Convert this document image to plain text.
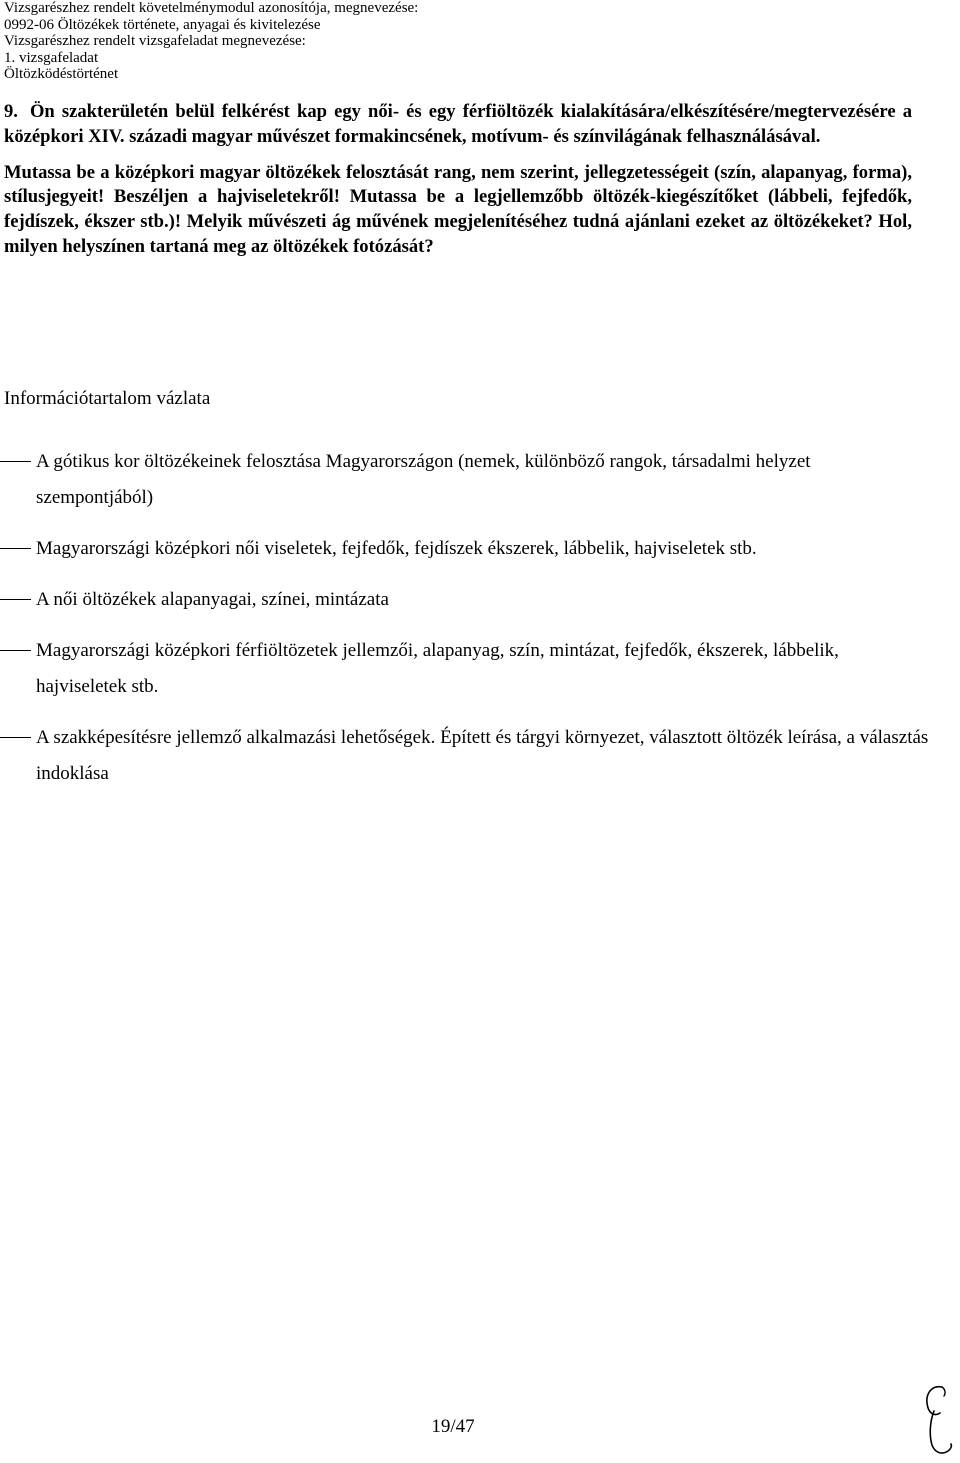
Vizsgarészhez rendelt követelménymodul azonosítója, megnevezése:
0992-06 Öltözékek története, anyagai és kivitelezése
Vizsgarészhez rendelt vizsgafeladat megnevezése:
1. vizsgafeladat
Öltözködéstörténet

9. Ön szakterületén belül felkérést kap egy női- és egy férfiöltözék kialakítására/elkészítésére/megtervezésére a középkori XIV. századi magyar művészet formakincsének, motívum- és színvilágának felhasználásával.

Mutassa be a középkori magyar öltözékek felosztását rang, nem szerint, jellegzetességeit (szín, alapanyag, forma), stílusjegyeit! Beszéljen a hajviseletekről! Mutassa be a legjellemzőbb öltözék-kiegészítőket (lábbeli, fejfedők, fejdíszek, ékszer stb.)! Melyik művészeti ág művének megjelenítéséhez tudná ajánlani ezeket az öltözékeket? Hol, milyen helyszínen tartaná meg az öltözékek fotózását?

Információtartalom vázlata
A gótikus kor öltözékeinek felosztása Magyarországon (nemek, különböző rangok, társadalmi helyzet szempontjából)
Magyarországi középkori női viseletek, fejfedők, fejdíszek ékszerek, lábbelik, hajviseletek stb.
A női öltözékek alapanyagai, színei, mintázata
Magyarországi középkori férfiöltözetek jellemzői, alapanyag, szín, mintázat, fejfedők, ékszerek, lábbelik, hajviseletek stb.
A szakképesítésre jellemző alkalmazási lehetőségek. Épített és tárgyi környezet, választott öltözék leírása, a választás indoklása
19/47
